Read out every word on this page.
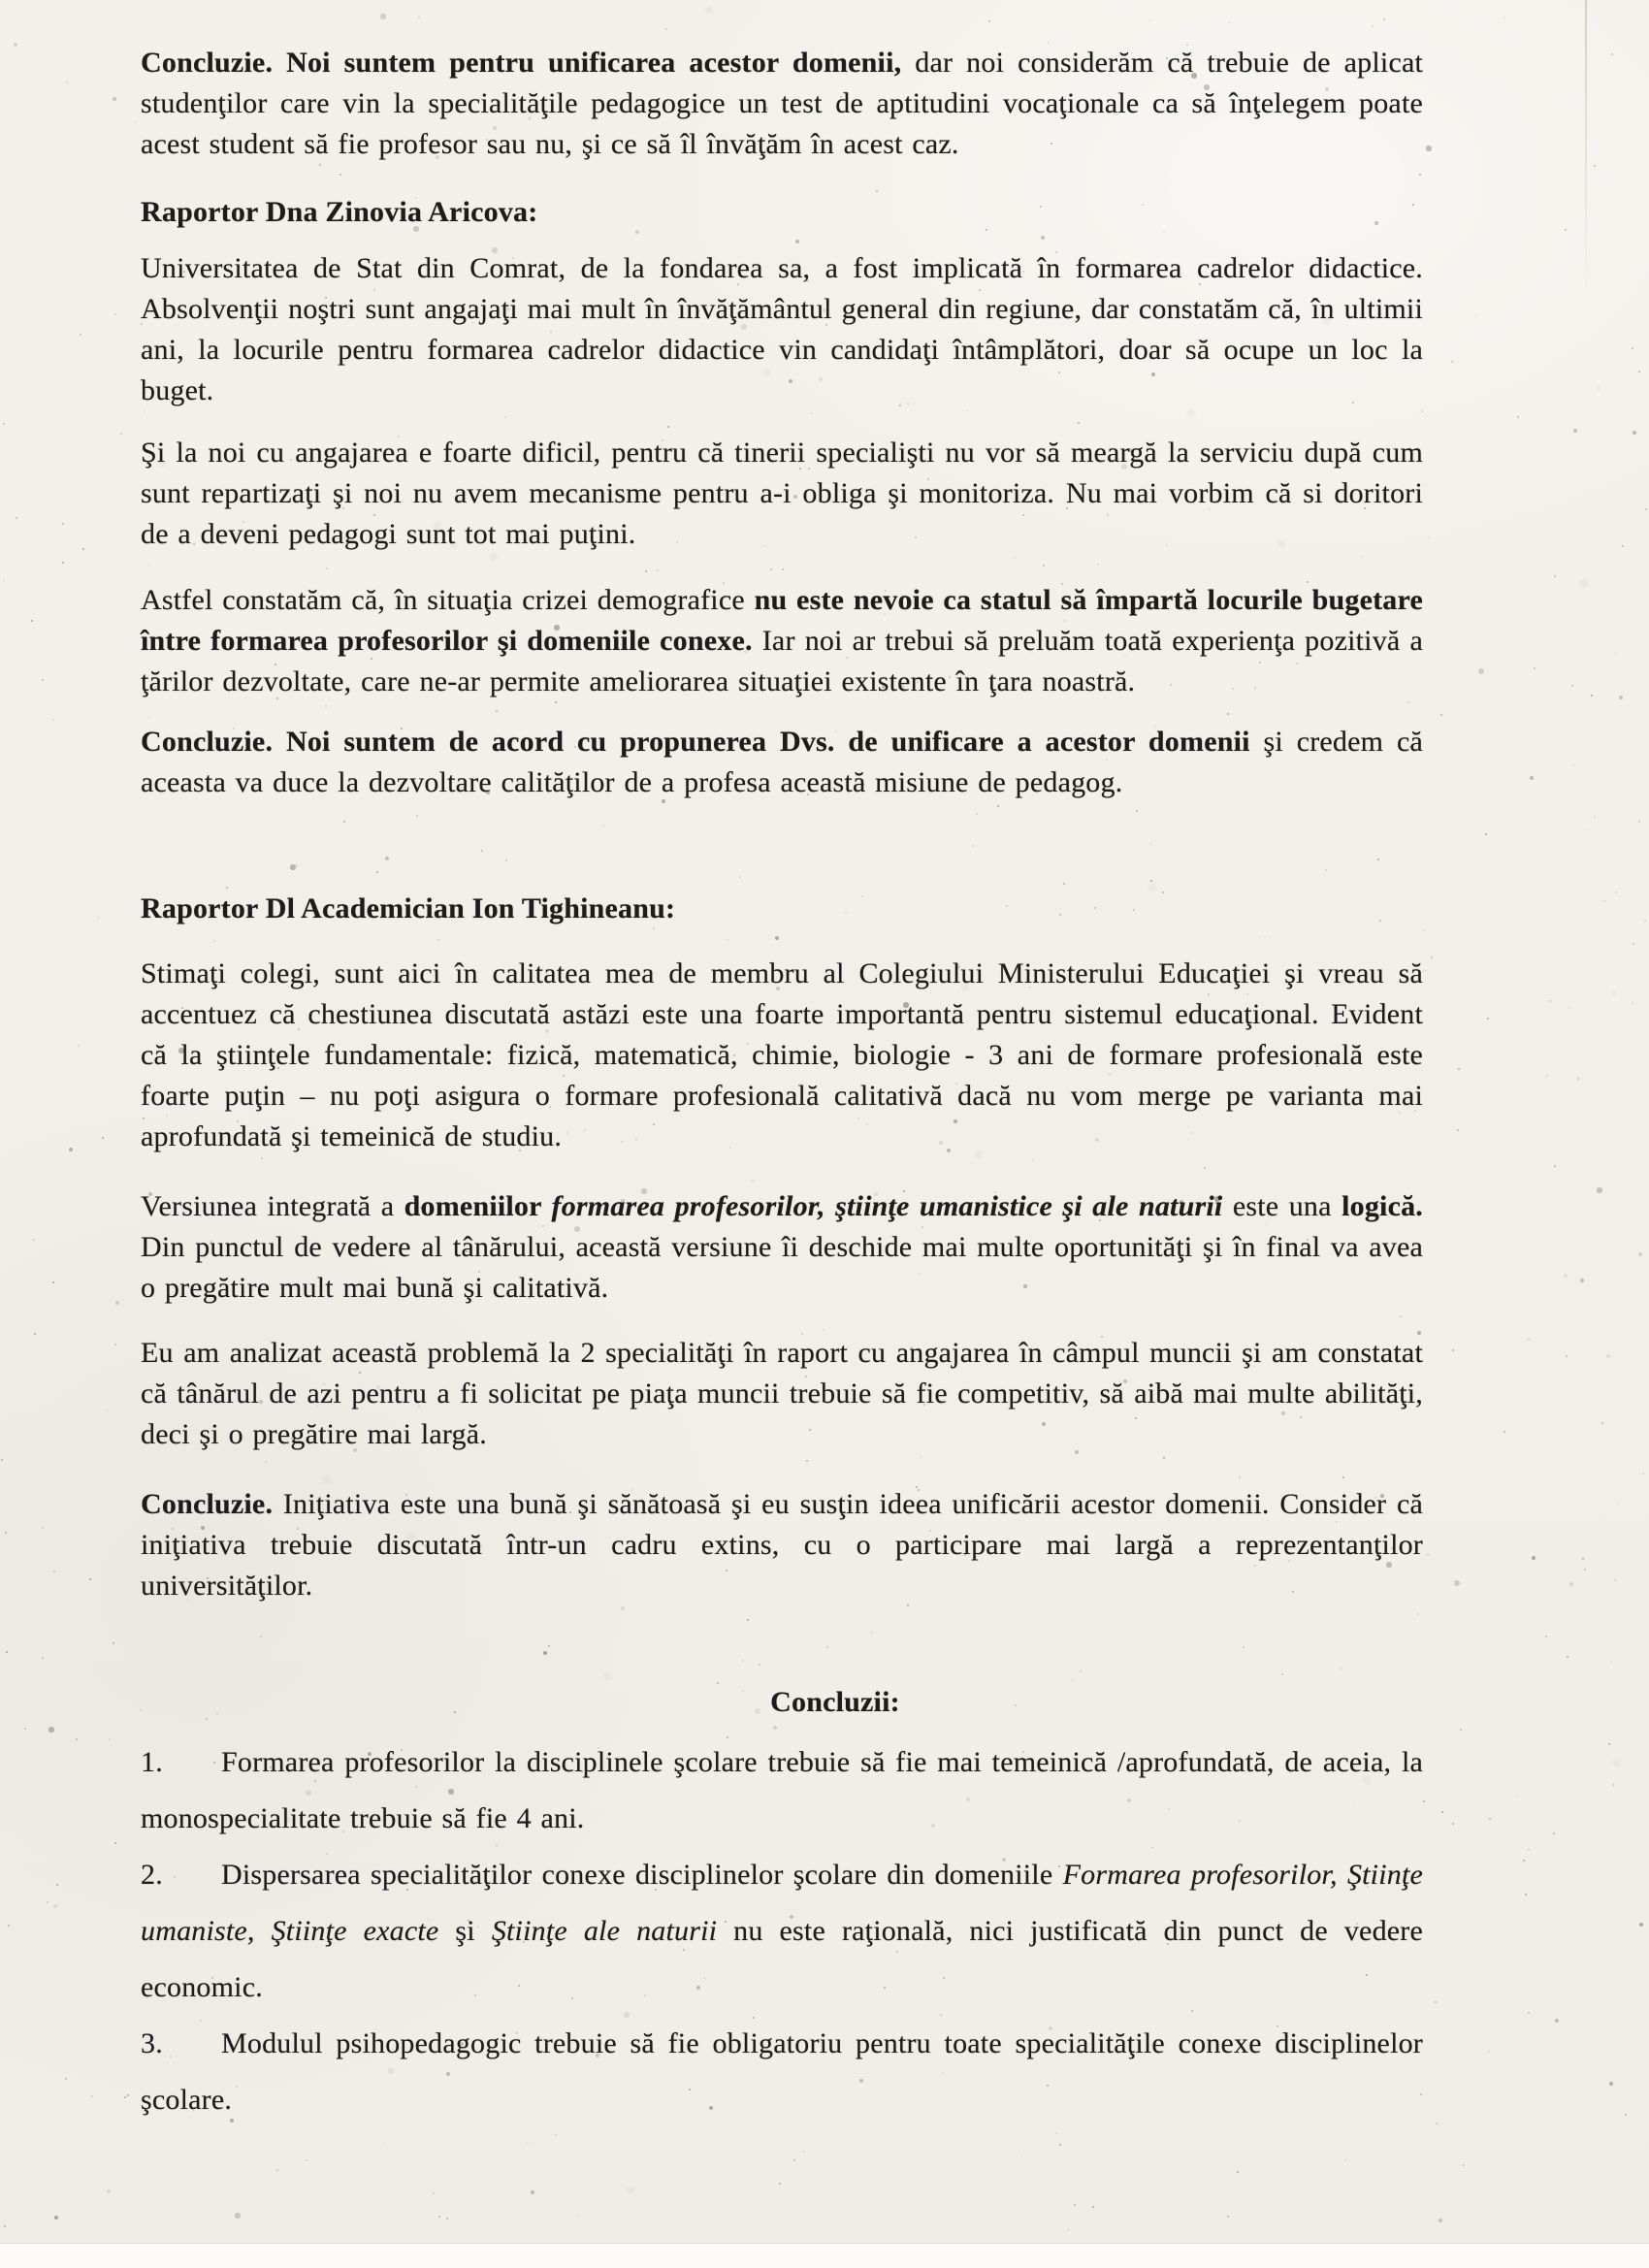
Concluzie. Noi suntem pentru unificarea acestor domenii, dar noi considerăm că trebuie de aplicat studenţilor care vin la specialităţile pedagogice un test de aptitudini vocaţionale ca să înţelegem poate acest student să fie profesor sau nu, şi ce să îl învăţăm în acest caz.
Raportor Dna Zinovia Aricova:
Universitatea de Stat din Comrat, de la fondarea sa, a fost implicată în formarea cadrelor didactice. Absolvenţii noştri sunt angajaţi mai mult în învăţământul general din regiune, dar constatăm că, în ultimii ani, la locurile pentru formarea cadrelor didactice vin candidaţi întâmplători, doar să ocupe un loc la buget.
Şi la noi cu angajarea e foarte dificil, pentru că tinerii specialişti nu vor să meargă la serviciu după cum sunt repartizaţi şi noi nu avem mecanisme pentru a-i obliga şi monitoriza. Nu mai vorbim că si doritori de a deveni pedagogi sunt tot mai puţini.
Astfel constatăm că, în situaţia crizei demografice nu este nevoie ca statul să împartă locurile bugetare între formarea profesorilor şi domeniile conexe. Iar noi ar trebui să preluăm toată experienţa pozitivă a ţărilor dezvoltate, care ne-ar permite ameliorarea situaţiei existente în ţara noastră.
Concluzie. Noi suntem de acord cu propunerea Dvs. de unificare a acestor domenii şi credem că aceasta va duce la dezvoltare calităţilor de a profesa această misiune de pedagog.
Raportor Dl Academician Ion Tighineanu:
Stimaţi colegi, sunt aici în calitatea mea de membru al Colegiului Ministerului Educaţiei şi vreau să accentuez că chestiunea discutată astăzi este una foarte importantă pentru sistemul educaţional. Evident că la ştiinţele fundamentale: fizică, matematică, chimie, biologie - 3 ani de formare profesională este foarte puţin – nu poţi asigura o formare profesională calitativă dacă nu vom merge pe varianta mai aprofundată şi temeinică de studiu.
Versiunea integrată a domeniilor formarea profesorilor, ştiinţe umanistice şi ale naturii este una logică. Din punctul de vedere al tânărului, această versiune îi deschide mai multe oportunităţi şi în final va avea o pregătire mult mai bună şi calitativă.
Eu am analizat această problemă la 2 specialităţi în raport cu angajarea în câmpul muncii şi am constatat că tânărul de azi pentru a fi solicitat pe piaţa muncii trebuie să fie competitiv, să aibă mai multe abilităţi, deci şi o pregătire mai largă.
Concluzie. Iniţiativa este una bună şi sănătoasă şi eu susţin ideea unificării acestor domenii. Consider că iniţiativa trebuie discutată într-un cadru extins, cu o participare mai largă a reprezentanţilor universităţilor.
Concluzii:
1. Formarea profesorilor la disciplinele şcolare trebuie să fie mai temeinică /aprofundată, de aceia, la monospecialitate trebuie să fie 4 ani.
2. Dispersarea specialităţilor conexe disciplinelor şcolare din domeniile Formarea profesorilor, Ştiinţe umaniste, Ştiinţe exacte şi Ştiinţe ale naturii nu este raţională, nici justificată din punct de vedere economic.
3. Modulul psihopedagogic trebuie să fie obligatoriu pentru toate specialităţile conexe disciplinelor şcolare.
